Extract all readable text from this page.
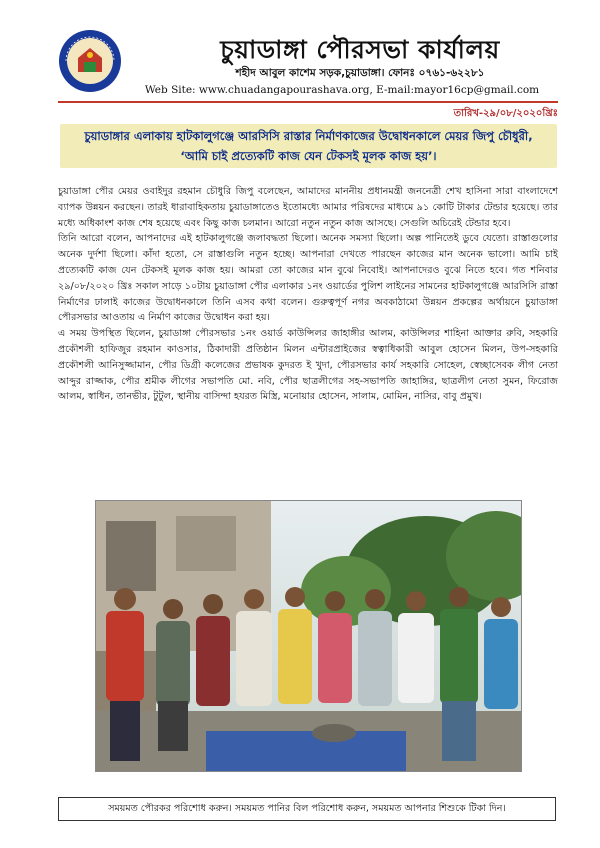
চুয়াডাঙ্গা পৌরসভা কার্যালয়
শহীদ আবুল কাশেম সড়ক,চুয়াডাঙ্গা। ফোনঃ ০৭৬১-৬২২৮১
Web Site: www.chuadangapourashava.org, E-mail:mayor16cp@gmail.com
তারিখ-২৯/০৮/২০২০খ্রিঃ
চুয়াডাঙ্গার এলাকায় হাটকালুগঞ্জে আরসিসি রাস্তার নির্মাণকাজের উদ্বোধনকালে মেয়র জিপু চৌধুরী,
‘আমি চাই প্রত্যেকটি কাজ যেন টেকসই মূলক কাজ হয়’।

চুয়াডাঙ্গা পৌর মেয়র ওবাইদুর রহমান চৌধুরি জিপু বলেছেন, আমাদের মাননীয় প্রধানমন্ত্রী জননেত্রী শেখ হাসিনা সারা বাংলাদেশে ব্যাপক উন্নয়ন করছেন। তারই ধারাবাহিকতায় চুয়াডাঙ্গাতেও ইতোমধ্যে আমার পরিষদের মাধ্যমে ৯১ কোটি টাকার টেন্ডার হয়েছে। তার মধ্যে অধিকাংশ কাজ শেষ হয়েছে এবং কিছু কাজ চলমান। আরো নতুন নতুন কাজ আসছে। সেগুলি অচিরেই টেন্ডার হবে।

তিনি আরো বলেন, আপনাদের এই হাটকালুগঞ্জে জলাবদ্ধতা ছিলো। অনেক সমস্যা ছিলো। অল্প পানিতেই ডুবে যেতো। রাস্তাগুলোর অনেক দুর্দশা ছিলো। কাঁদা হতো, সে রাস্তাগুলি নতুন হচ্ছে। আপনারা দেখতে পারছেন কাজের মান অনেক ভালো। আমি চাই প্রত্যেকটি কাজ যেন টেকসই মূলক কাজ হয়। আমরা তো কাজের মান বুঝে নিবোই। আপনাদেরও বুঝে নিতে হবে। গত শনিবার ২৯/০৮/২০২০ খ্রিঃ সকাল সাড়ে ১০টায় চুয়াডাঙ্গা পৌর এলাকার ১নং ওয়ার্ডের পুলিশ লাইনের সামনের হাটকালুগঞ্জে আরসিসি রাস্তা নির্মাণের ঢালাই কাজের উদ্বোধনকালে তিনি এসব কথা বলেন। গুরুত্বপূর্ণ নগর অবকাঠামো উন্নয়ন প্রকল্পের অর্থায়নে চুয়াডাঙ্গা পৌরসভার আওতায় এ নির্মাণ কাজের উদ্বোধন করা হয়।

এ সময় উপস্থিত ছিলেন, চুয়াডাঙ্গা পৌরসভার ১নং ওয়ার্ড কাউন্সিলর জাহাঙ্গীর আলম, কাউন্সিলর শাহিনা আক্তার রুবি, সহকারি প্রকৌশলী হাফিজুর রহমান কাওসার, ঠিকাদারী প্রতিষ্ঠান মিলন এন্টারপ্রাইজের স্বত্বাধিকারী আবুল হোসেন মিলন, উপ-সহকারি প্রকৌশলী আনিসুজ্জামান, পৌর ডিগ্রী কলেজের প্রভাষক কুদরত ই খুদা, পৌরসভার কার্য সহকারি সোহেল, স্বেচ্ছাসেবক লীগ নেতা আব্দুর রাজ্জাক, পৌর শ্রমীক লীগের সভাপতি মো. নবি, পৌর ছাত্রলীগের সহ-সভাপতি জাহাঙ্গির, ছাত্রলীগ নেতা সুমন, ফিরোজ আলম, স্বাধিন, তানভীর, টুটুল, স্থানীয় বাসিন্দা হযরত মিস্ত্রি, মনোয়ার হোসেন, সালাম, মোমিন, নাসির, বাবু প্রমুখ।

সময়মত পৌরকর পরিশোধ করুন। সময়মত পানির বিল পরিশোধ করুন, সময়মত আপনার শিশুকে টিকা দিন।
